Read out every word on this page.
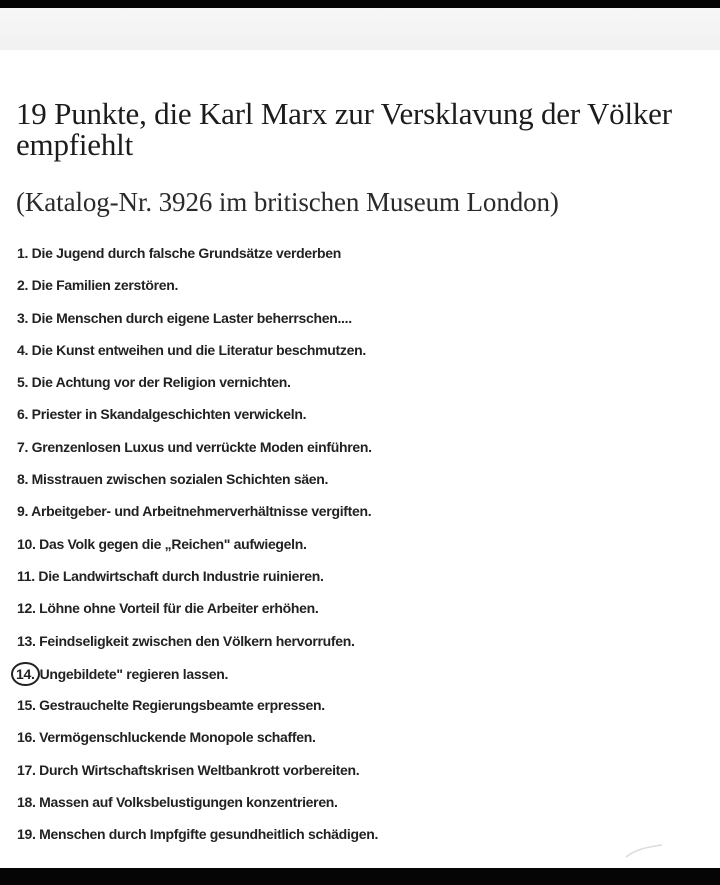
19 Punkte, die Karl Marx zur Versklavung der Völker empfiehlt
(Katalog-Nr. 3926 im britischen Museum London)
1. Die Jugend durch falsche Grundsätze verderben
2. Die Familien zerstören.
3. Die Menschen durch eigene Laster beherrschen....
4. Die Kunst entweihen und die Literatur beschmutzen.
5. Die Achtung vor der Religion vernichten.
6. Priester in Skandalgeschichten verwickeln.
7. Grenzenlosen Luxus und verrückte Moden einführen.
8. Misstrauen zwischen sozialen Schichten säen.
9. Arbeitgeber- und Arbeitnehmerverhältnisse vergiften.
10. Das Volk gegen die „Reichen" aufwiegeln.
11. Die Landwirtschaft durch Industrie ruinieren.
12. Löhne ohne Vorteil für die Arbeiter erhöhen.
13. Feindseligkeit zwischen den Völkern hervorrufen.
14. Ungebildete" regieren lassen.
15. Gestrauchelte Regierungsbeamte erpressen.
16. Vermögenschluckende Monopole schaffen.
17. Durch Wirtschaftskrisen Weltbankrott vorbereiten.
18. Massen auf Volksbelustigungen konzentrieren.
19. Menschen durch Impfgifte gesundheitlich schädigen.
